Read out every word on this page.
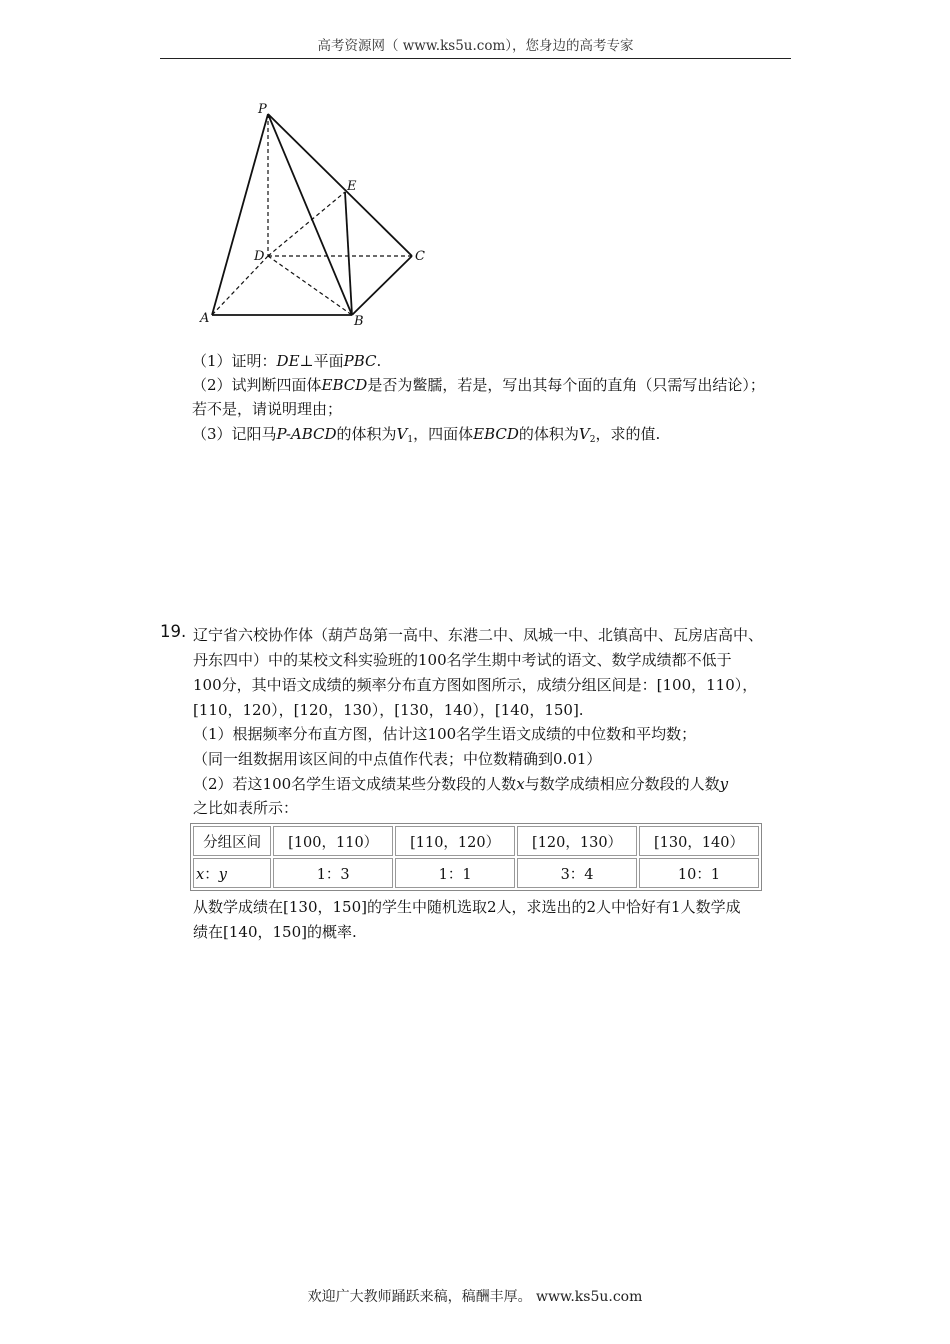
高考资源网（ www.ks5u.com），您身边的高考专家
P
E
D	C
A	B
（1）证明：DE⊥平面PBC.
（2）试判断四面体EBCD是否为鳖臑，若是，写出其每个面的直角（只需写出结论）；
若不是，请说明理由；
（3）记阳马P-ABCD的体积为$V_1$，四面体EBCD的体积为$V_2$，求的值.
19. 辽宁省六校协作体（葫芦岛第一高中、东港二中、凤城一中、北镇高中、瓦房店高中、
丹东四中）中的某校文科实验班的100名学生期中考试的语文、数学成绩都不低于
100分，其中语文成绩的频率分布直方图如图所示，成绩分组区间是：[100，110），
[110，120），[120，130），[130，140），[140，150].
（1）根据频率分布直方图，估计这100名学生语文成绩的中位数和平均数；
（同一组数据用该区间的中点值作代表；中位数精确到0.01）
（2）若这100名学生语文成绩某些分数段的人数x与数学成绩相应分数段的人数y
之比如表所示：
分组区间	[100，110）	[110，120）	[120，130）	[130，140）
x：y	1：3	1：1	3：4	10：1
从数学成绩在[130，150]的学生中随机选取2人，求选出的2人中恰好有1人数学成
绩在[140，150]的概率.
欢迎广大教师踊跃来稿，稿酬丰厚。 www.ks5u.com
